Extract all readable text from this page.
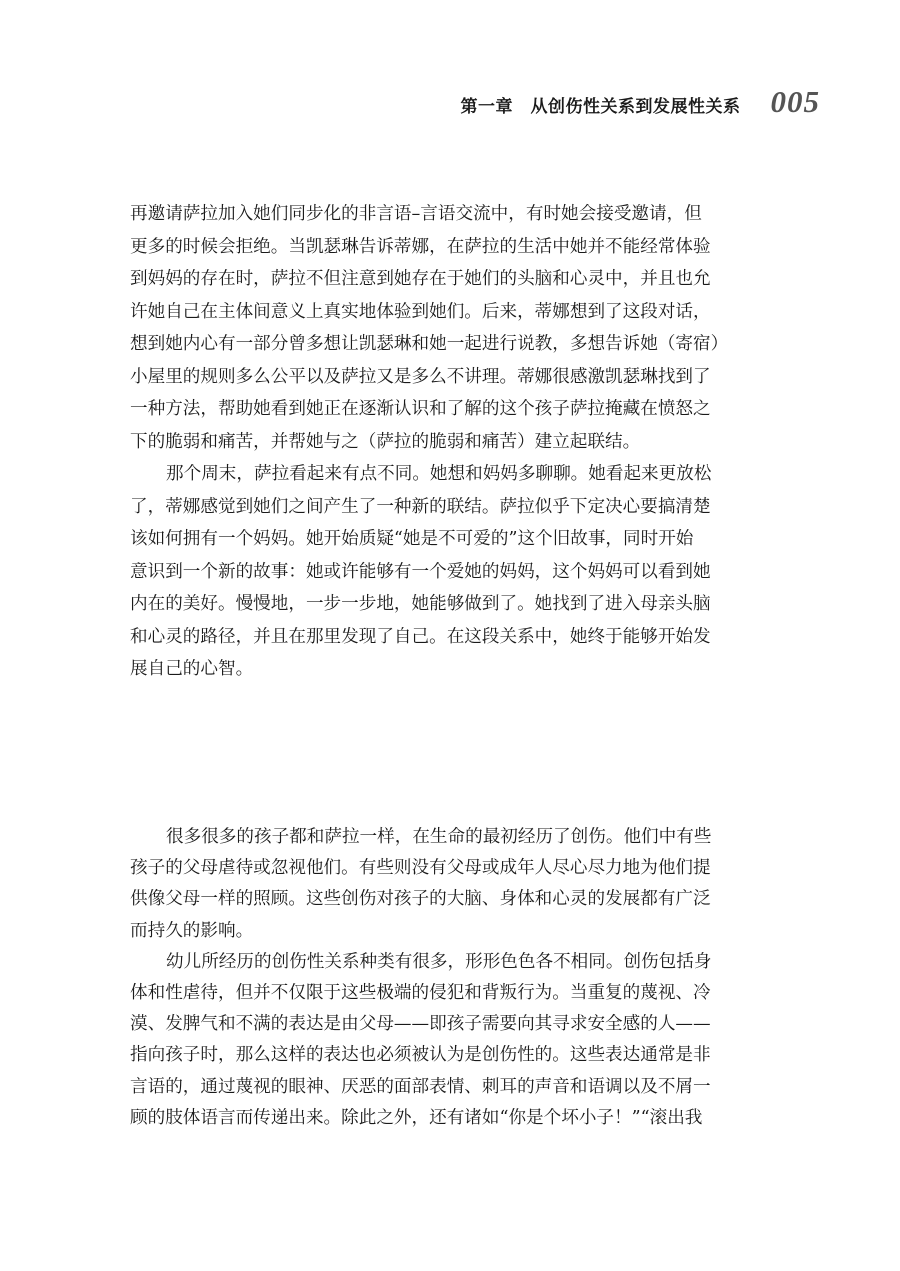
第一章　从创伤性关系到发展性关系 005
再邀请萨拉加入她们同步化的非言语–言语交流中，有时她会接受邀请，但
更多的时候会拒绝。当凯瑟琳告诉蒂娜，在萨拉的生活中她并不能经常体验
到妈妈的存在时，萨拉不但注意到她存在于她们的头脑和心灵中，并且也允
许她自己在主体间意义上真实地体验到她们。后来，蒂娜想到了这段对话，
想到她内心有一部分曾多想让凯瑟琳和她一起进行说教，多想告诉她（寄宿）
小屋里的规则多么公平以及萨拉又是多么不讲理。蒂娜很感激凯瑟琳找到了
一种方法，帮助她看到她正在逐渐认识和了解的这个孩子萨拉掩藏在愤怒之
下的脆弱和痛苦，并帮她与之（萨拉的脆弱和痛苦）建立起联结。
那个周末，萨拉看起来有点不同。她想和妈妈多聊聊。她看起来更放松
了，蒂娜感觉到她们之间产生了一种新的联结。萨拉似乎下定决心要搞清楚
该如何拥有一个妈妈。她开始质疑“她是不可爱的”这个旧故事，同时开始
意识到一个新的故事：她或许能够有一个爱她的妈妈，这个妈妈可以看到她
内在的美好。慢慢地，一步一步地，她能够做到了。她找到了进入母亲头脑
和心灵的路径，并且在那里发现了自己。在这段关系中，她终于能够开始发
展自己的心智。
很多很多的孩子都和萨拉一样，在生命的最初经历了创伤。他们中有些
孩子的父母虐待或忽视他们。有些则没有父母或成年人尽心尽力地为他们提
供像父母一样的照顾。这些创伤对孩子的大脑、身体和心灵的发展都有广泛
而持久的影响。
幼儿所经历的创伤性关系种类有很多，形形色色各不相同。创伤包括身
体和性虐待，但并不仅限于这些极端的侵犯和背叛行为。当重复的蔑视、冷
漠、发脾气和不满的表达是由父母——即孩子需要向其寻求安全感的人——
指向孩子时，那么这样的表达也必须被认为是创伤性的。这些表达通常是非
言语的，通过蔑视的眼神、厌恶的面部表情、刺耳的声音和语调以及不屑一
顾的肢体语言而传递出来。除此之外，还有诸如“你是个坏小子！”“滚出我
